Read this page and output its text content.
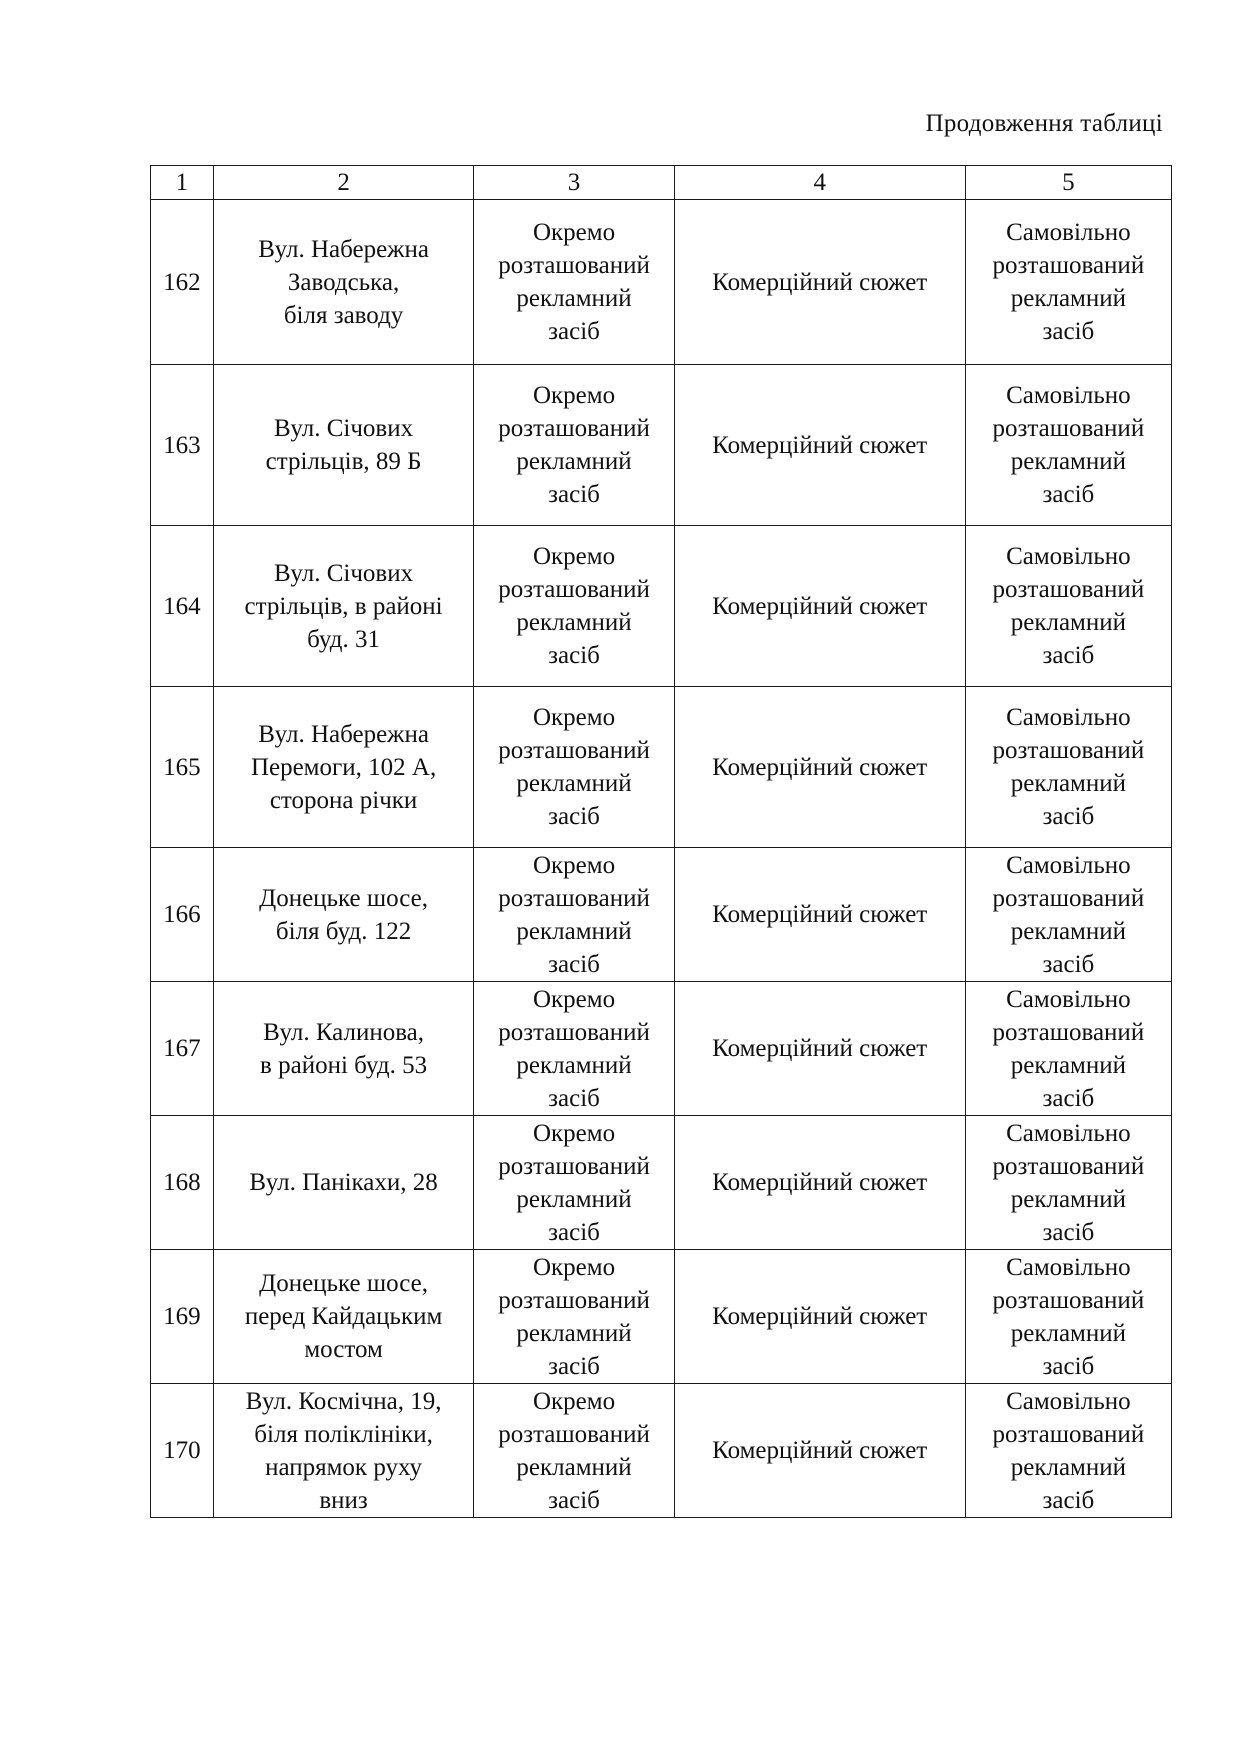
Продовження таблиці
1	2	3	4	5
162	Вул. Набережна
Заводська,
біля заводу	Окремо
розташований
рекламний
засіб	Комерційний сюжет	Самовільно
розташований
рекламний
засіб

163	Вул. Січових
стрільців, 89 Б	Окремо
розташований
рекламний
засіб	Комерційний сюжет	Самовільно
розташований
рекламний
засіб

164	Вул. Січових
стрільців, в районі
буд. 31	Окремо
розташований
рекламний
засіб	Комерційний сюжет	Самовільно
розташований
рекламний
засіб

165	Вул. Набережна
Перемоги, 102 А,
сторона річки	Окремо
розташований
рекламний
засіб	Комерційний сюжет	Самовільно
розташований
рекламний
засіб

166	Донецьке шосе,
біля буд. 122	Окремо
розташований
рекламний
засіб	Комерційний сюжет	Самовільно
розташований
рекламний
засіб

167	Вул. Калинова,
в районі буд. 53	Окремо
розташований
рекламний
засіб	Комерційний сюжет	Самовільно
розташований
рекламний
засіб

168	Вул. Панікахи, 28	Окремо
розташований
рекламний
засіб	Комерційний сюжет	Самовільно
розташований
рекламний
засіб

169	Донецьке шосе,
перед Кайдацьким
мостом	Окремо
розташований
рекламний
засіб	Комерційний сюжет	Самовільно
розташований
рекламний
засіб

170	Вул. Космічна, 19,
біля поліклініки,
напрямок руху
вниз	Окремо
розташований
рекламний
засіб	Комерційний сюжет	Самовільно
розташований
рекламний
засіб
